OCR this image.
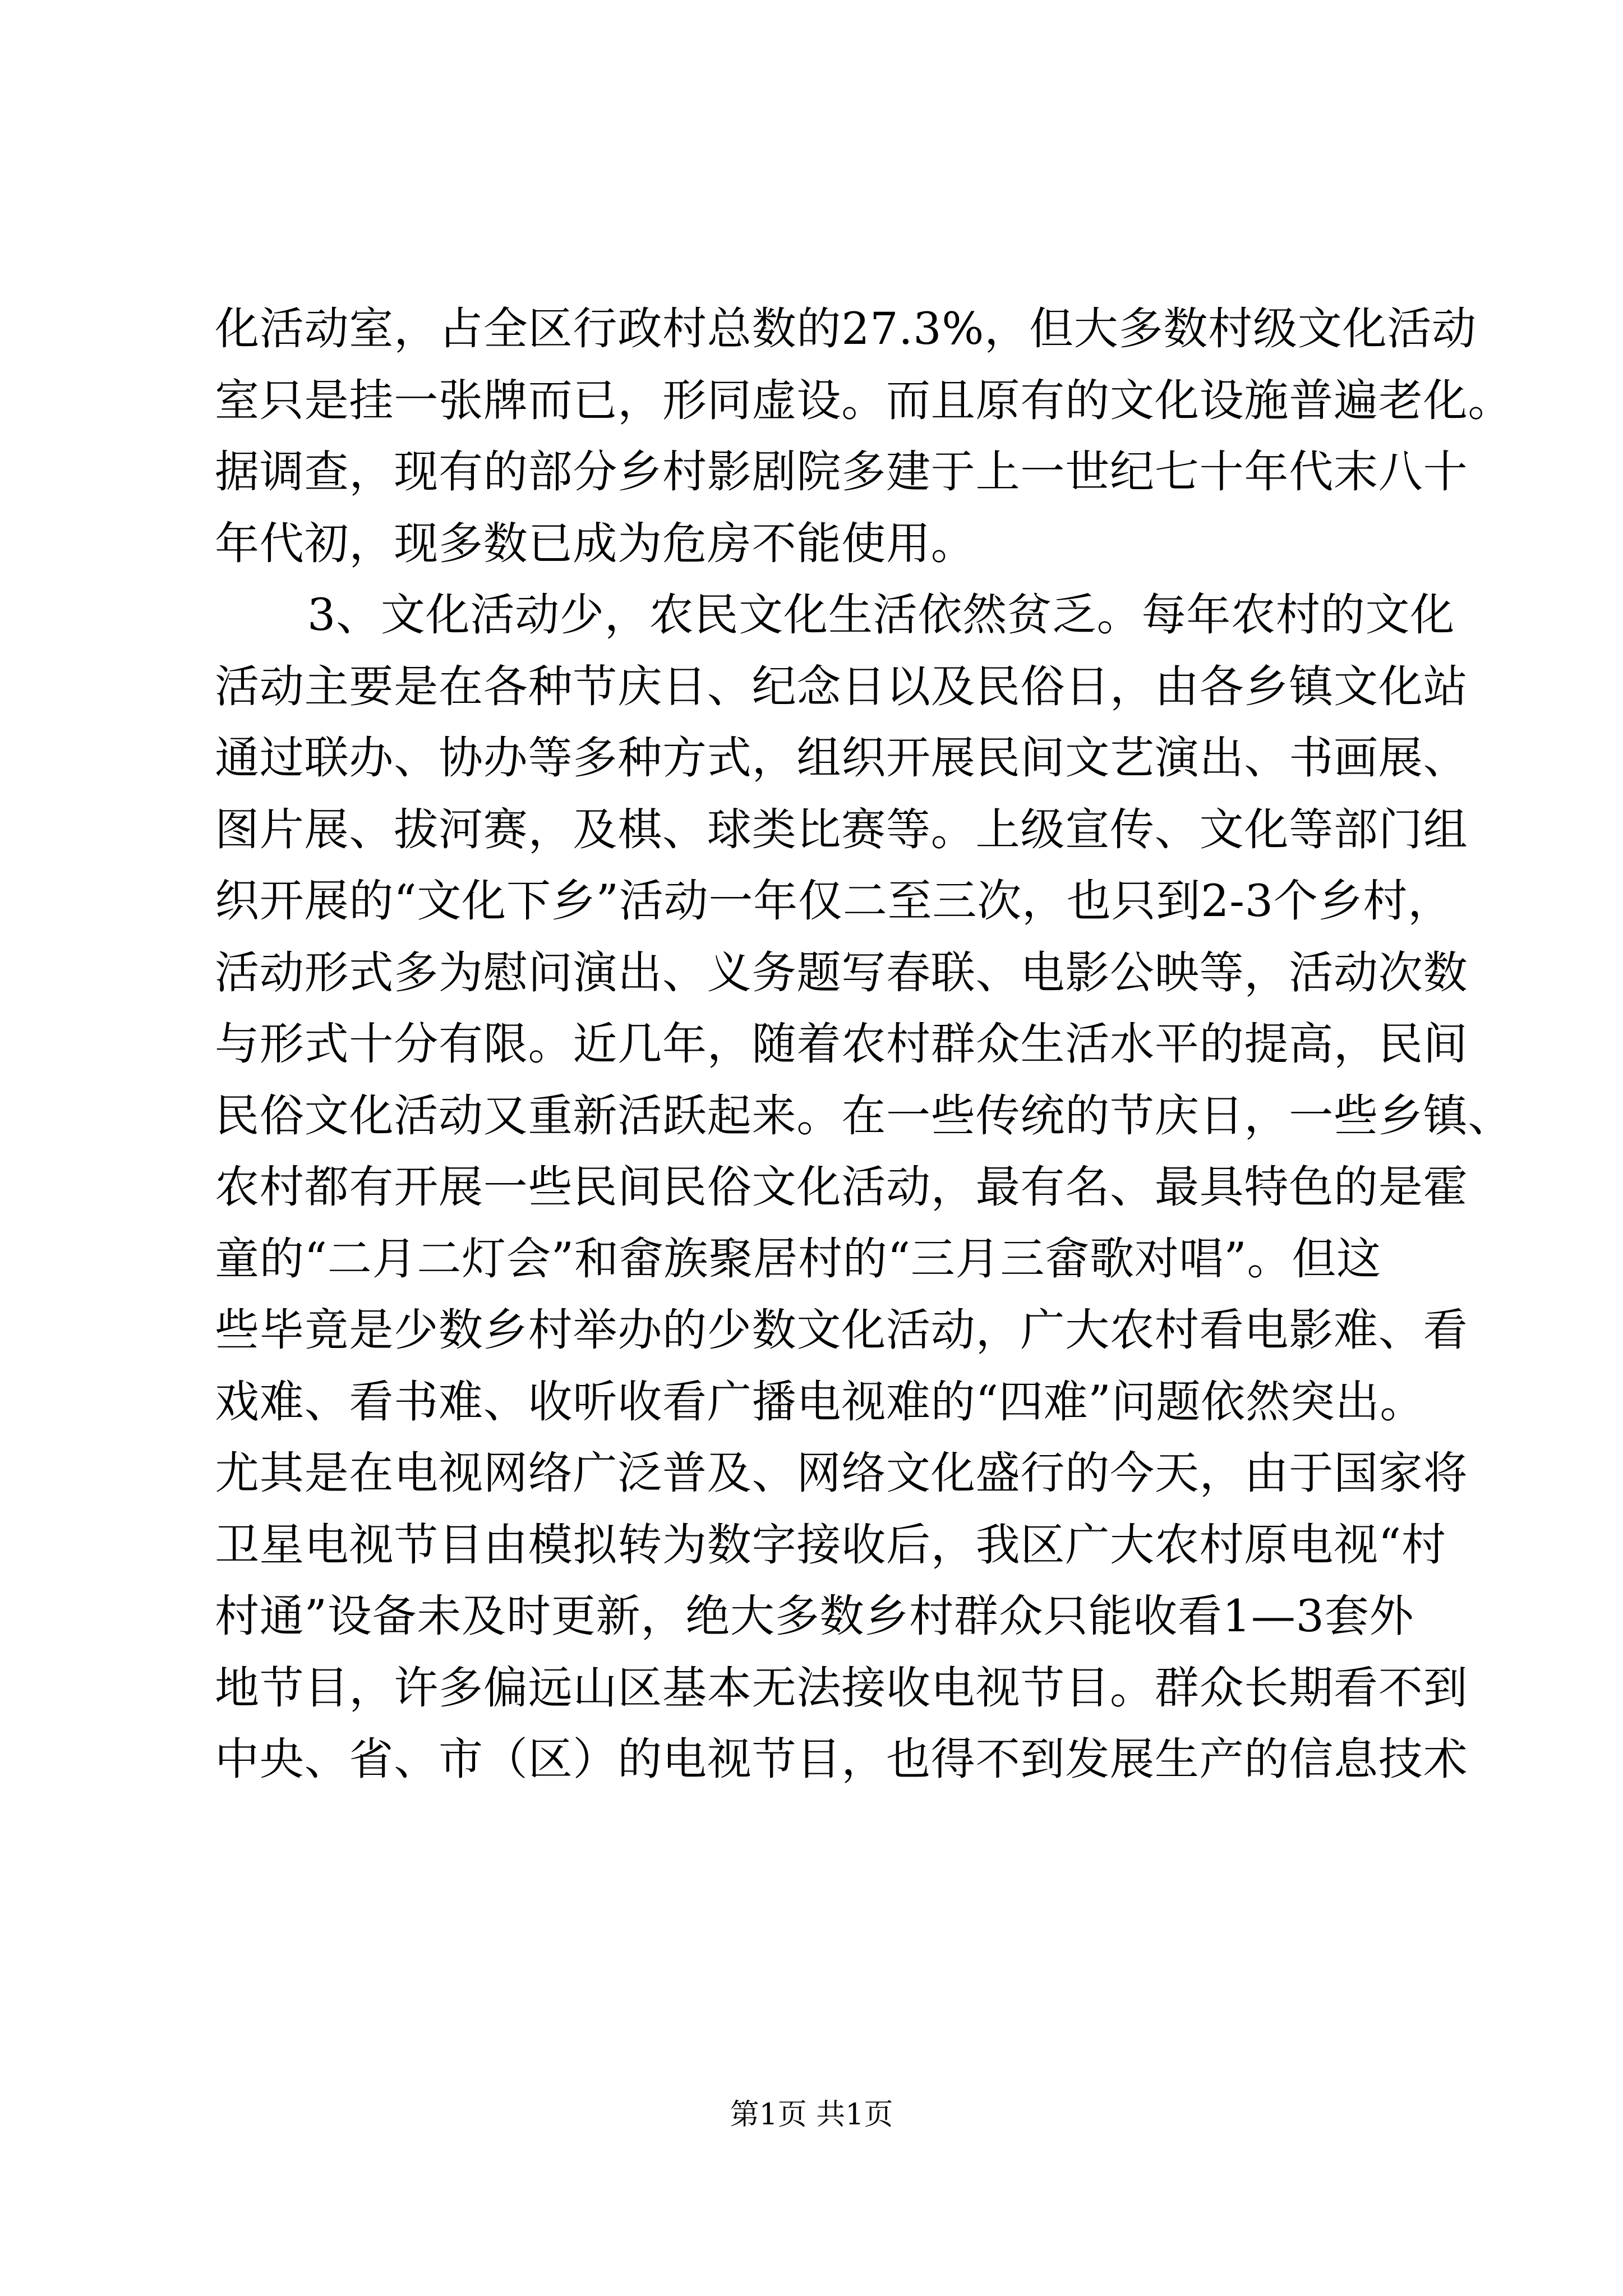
化活动室，占全区行政村总数的27.3%，但大多数村级文化活动
室只是挂一张牌而已，形同虚设。而且原有的文化设施普遍老化。
据调查，现有的部分乡村影剧院多建于上一世纪七十年代末八十
年代初，现多数已成为危房不能使用。
3、文化活动少，农民文化生活依然贫乏。每年农村的文化
活动主要是在各种节庆日、纪念日以及民俗日，由各乡镇文化站
通过联办、协办等多种方式，组织开展民间文艺演出、书画展、
图片展、拔河赛，及棋、球类比赛等。上级宣传、文化等部门组
织开展的“文化下乡”活动一年仅二至三次，也只到2-3个乡村，
活动形式多为慰问演出、义务题写春联、电影公映等，活动次数
与形式十分有限。近几年，随着农村群众生活水平的提高，民间
民俗文化活动又重新活跃起来。在一些传统的节庆日，一些乡镇、
农村都有开展一些民间民俗文化活动，最有名、最具特色的是霍
童的“二月二灯会”和畲族聚居村的“三月三畲歌对唱”。但这
些毕竟是少数乡村举办的少数文化活动，广大农村看电影难、看
戏难、看书难、收听收看广播电视难的“四难”问题依然突出。
尤其是在电视网络广泛普及、网络文化盛行的今天，由于国家将
卫星电视节目由模拟转为数字接收后，我区广大农村原电视“村
村通”设备未及时更新，绝大多数乡村群众只能收看1—3套外
地节目，许多偏远山区基本无法接收电视节目。群众长期看不到
中央、省、市（区）的电视节目，也得不到发展生产的信息技术
第1页 共1页
